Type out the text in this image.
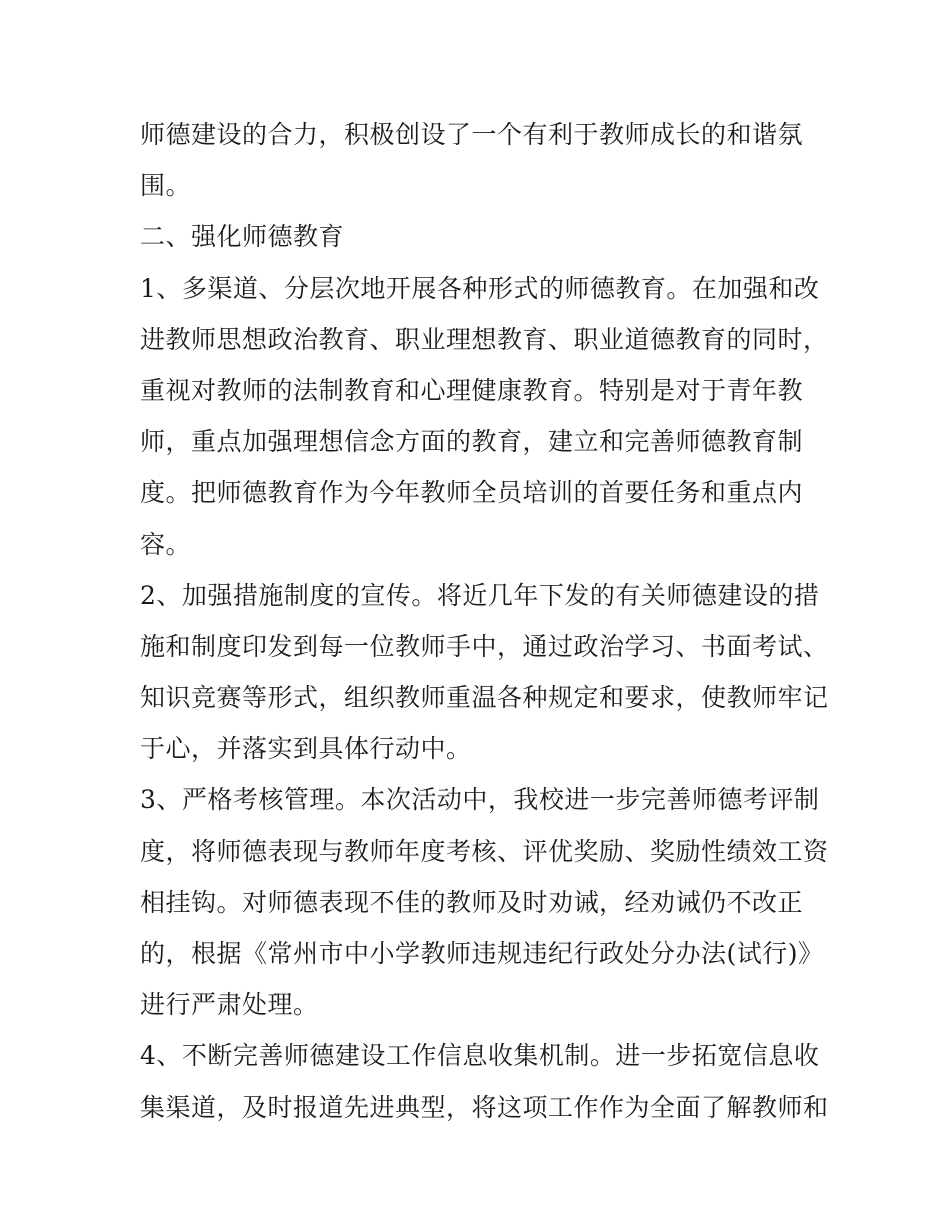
师德建设的合力，积极创设了一个有利于教师成长的和谐氛
围。
二、强化师德教育
1、多渠道、分层次地开展各种形式的师德教育。在加强和改
进教师思想政治教育、职业理想教育、职业道德教育的同时，
重视对教师的法制教育和心理健康教育。特别是对于青年教
师，重点加强理想信念方面的教育，建立和完善师德教育制
度。把师德教育作为今年教师全员培训的首要任务和重点内
容。
2、加强措施制度的宣传。将近几年下发的有关师德建设的措
施和制度印发到每一位教师手中，通过政治学习、书面考试、
知识竞赛等形式，组织教师重温各种规定和要求，使教师牢记
于心，并落实到具体行动中。
3、严格考核管理。本次活动中，我校进一步完善师德考评制
度，将师德表现与教师年度考核、评优奖励、奖励性绩效工资
相挂钩。对师德表现不佳的教师及时劝诫，经劝诫仍不改正
的，根据《常州市中小学教师违规违纪行政处分办法(试行)》
进行严肃处理。
4、不断完善师德建设工作信息收集机制。进一步拓宽信息收
集渠道，及时报道先进典型，将这项工作作为全面了解教师和
